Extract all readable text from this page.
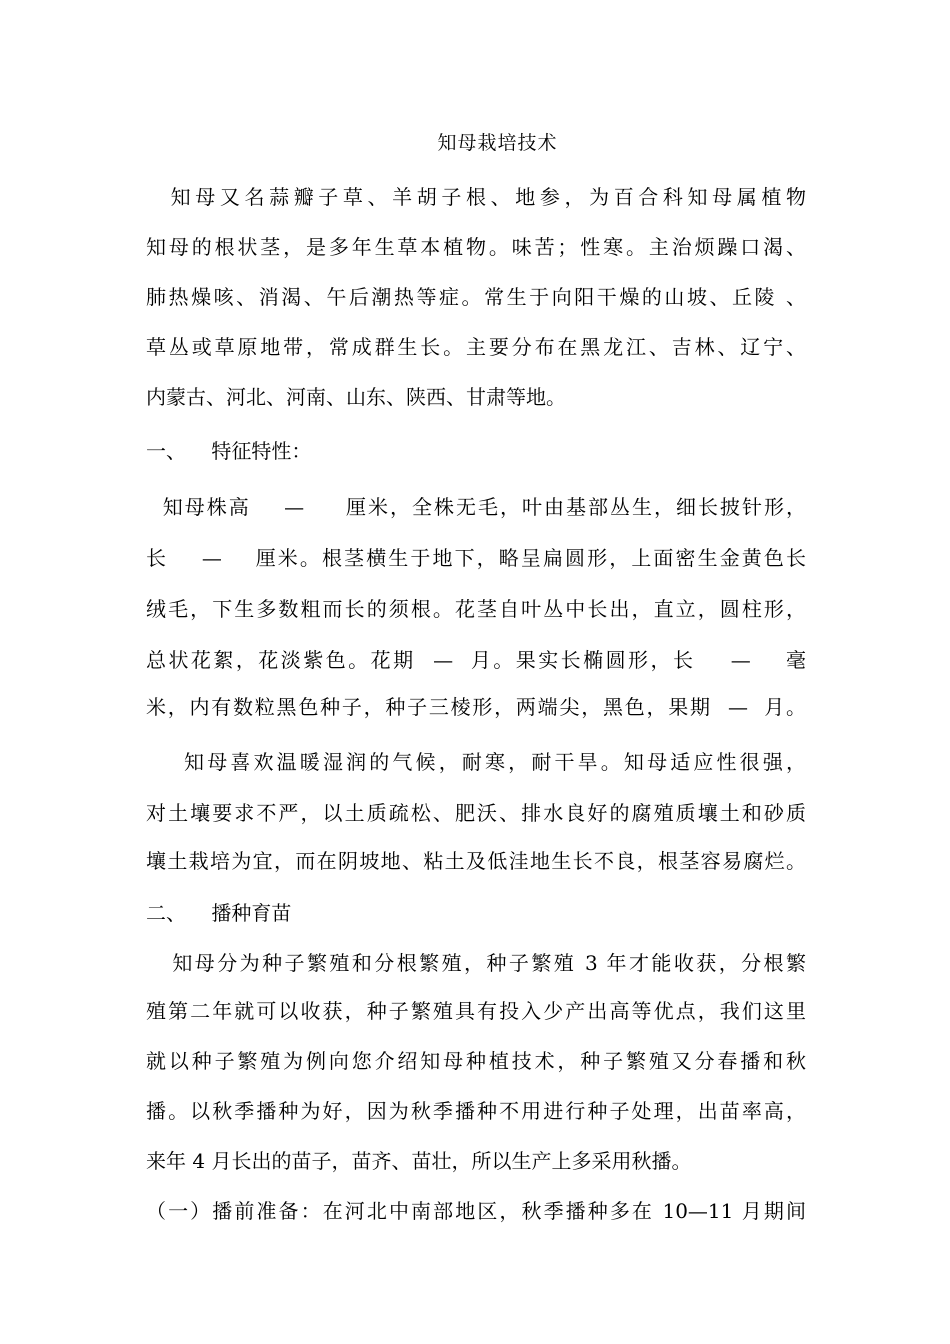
知母栽培技术
　知母又名蒜瓣子草、羊胡子根、地参，为百合科知母属植物
知母的根状茎，是多年生草本植物。味苦；性寒。主治烦躁口渴、
肺热燥咳、消渴、午后潮热等症。常生于向阳干燥的山坡、丘陵 、
草丛或草原地带，常成群生长。主要分布在黑龙江、吉林、辽宁、
内蒙古、河北、河南、山东、陕西、甘肃等地。
一、    特征特性：
知母株高    —     厘米，全株无毛，叶由基部丛生，细长披针形，
长    —    厘米。根茎横生于地下，略呈扁圆形，上面密生金黄色长
绒毛，下生多数粗而长的须根。花茎自叶丛中长出，直立，圆柱形，
总状花絮，花淡紫色。花期  —  月。果实长椭圆形，长    —    毫
米，内有数粒黑色种子，种子三棱形，两端尖，黑色，果期  —  月。
知母喜欢温暖湿润的气候，耐寒，耐干旱。知母适应性很强，
对土壤要求不严，以土质疏松、肥沃、排水良好的腐殖质壤土和砂质
壤土栽培为宜，而在阴坡地、粘土及低洼地生长不良，根茎容易腐烂。
二、    播种育苗
知母分为种子繁殖和分根繁殖，种子繁殖 3 年才能收获，分根繁
殖第二年就可以收获，种子繁殖具有投入少产出高等优点，我们这里
就以种子繁殖为例向您介绍知母种植技术，种子繁殖又分春播和秋
播。以秋季播种为好，因为秋季播种不用进行种子处理，出苗率高，
来年 4 月长出的苗子，苗齐、苗壮，所以生产上多采用秋播。
（一）播前准备：在河北中南部地区，秋季播种多在 10—11 月期间
